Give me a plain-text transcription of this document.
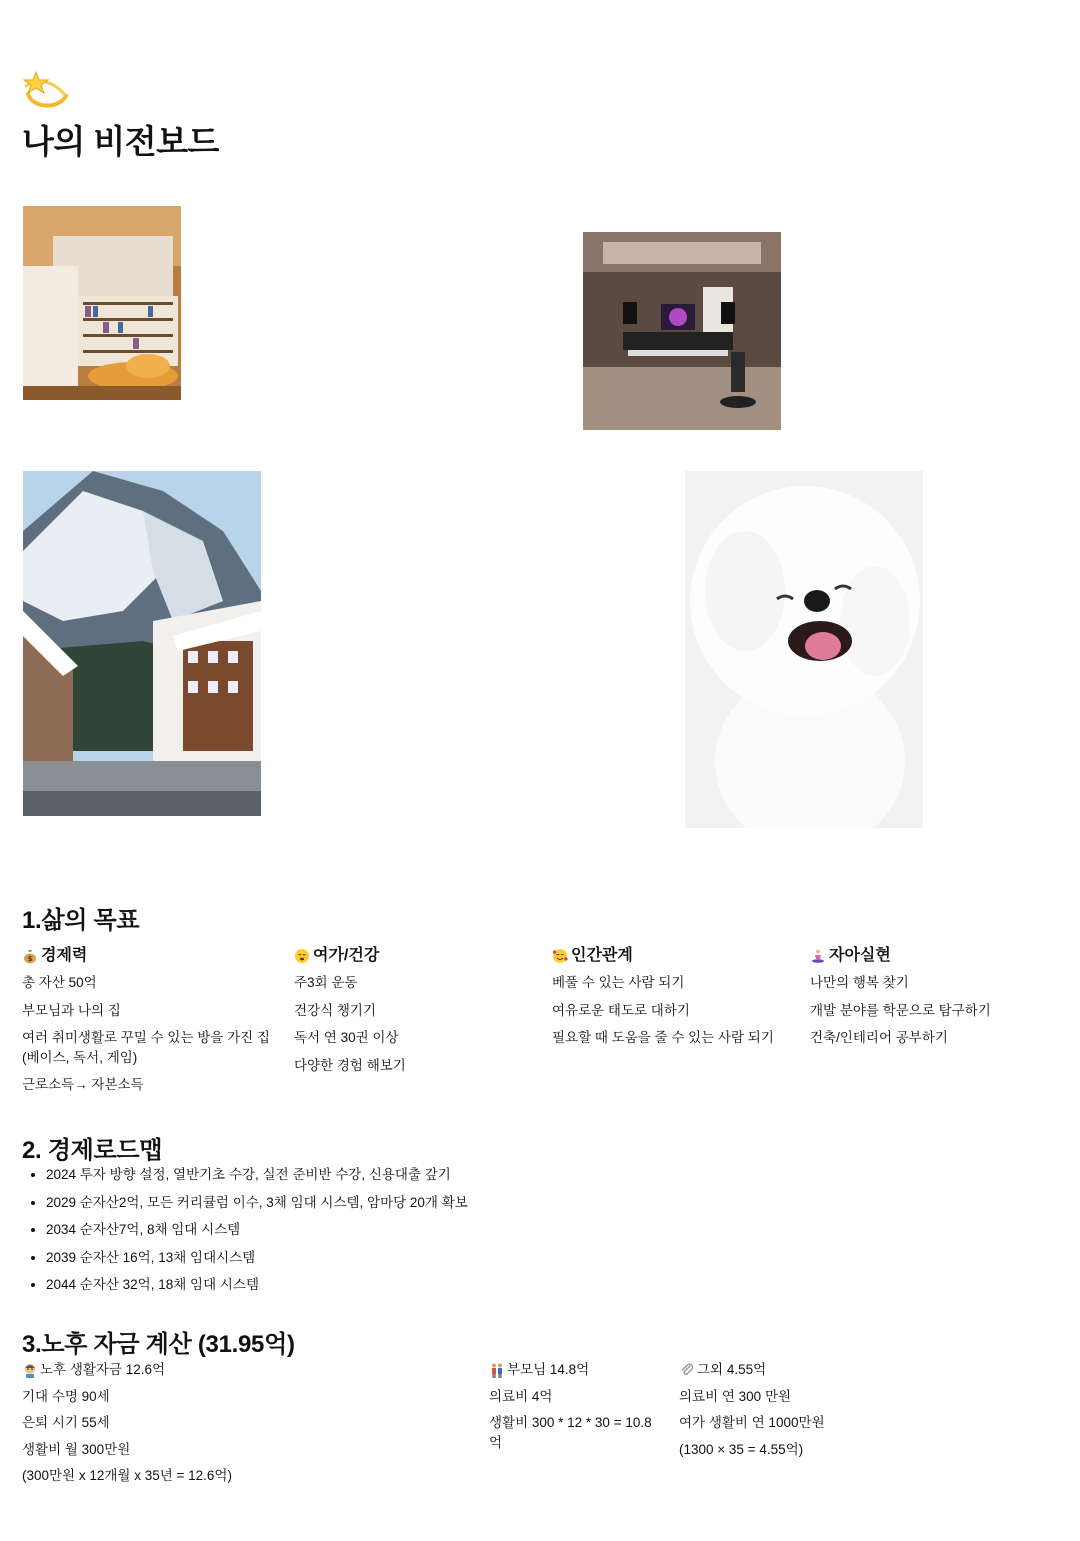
나의 비전보드
1.삶의 목표
$ 경제력
총 자산 50억
부모님과 나의 집
여러 취미생활로 꾸밀 수 있는 방을 가진 집 (베이스, 독서, 게임)
근로소득→ 자본소득
여가/건강
주3회 운동
건강식 챙기기
독서 연 30권 이상
다양한 경험 해보기
인간관계
베풀 수 있는 사람 되기
여유로운 태도로 대하기
필요할 때 도움을 줄 수 있는 사람 되기
자아실현
나만의 행복 찾기
개발 분야를 학문으로 탐구하기
건축/인테리어 공부하기
2. 경제로드맵
• 2024 투자 방향 설정, 열반기초 수강, 실전 준비반 수강, 신용대출 갚기
• 2029 순자산2억, 모든 커리큘럼 이수, 3채 임대 시스템, 암마당 20개 확보
• 2034 순자산7억, 8채 임대 시스템
• 2039 순자산 16억, 13채 임대시스템
• 2044 순자산 32억, 18채 임대 시스템
3.노후 자금 계산 (31.95억)
노후 생활자금 12.6억
기대 수명 90세
은퇴 시기 55세
생활비 월 300만원
(300만원 x 12개월 x 35년 = 12.6억)
부모님 14.8억
의료비 4억
생활비 300 * 12 * 30 = 10.8억
그외 4.55억
의료비 연 300 만원
여가 생활비 연 1000만원
(1300 × 35 = 4.55억)
